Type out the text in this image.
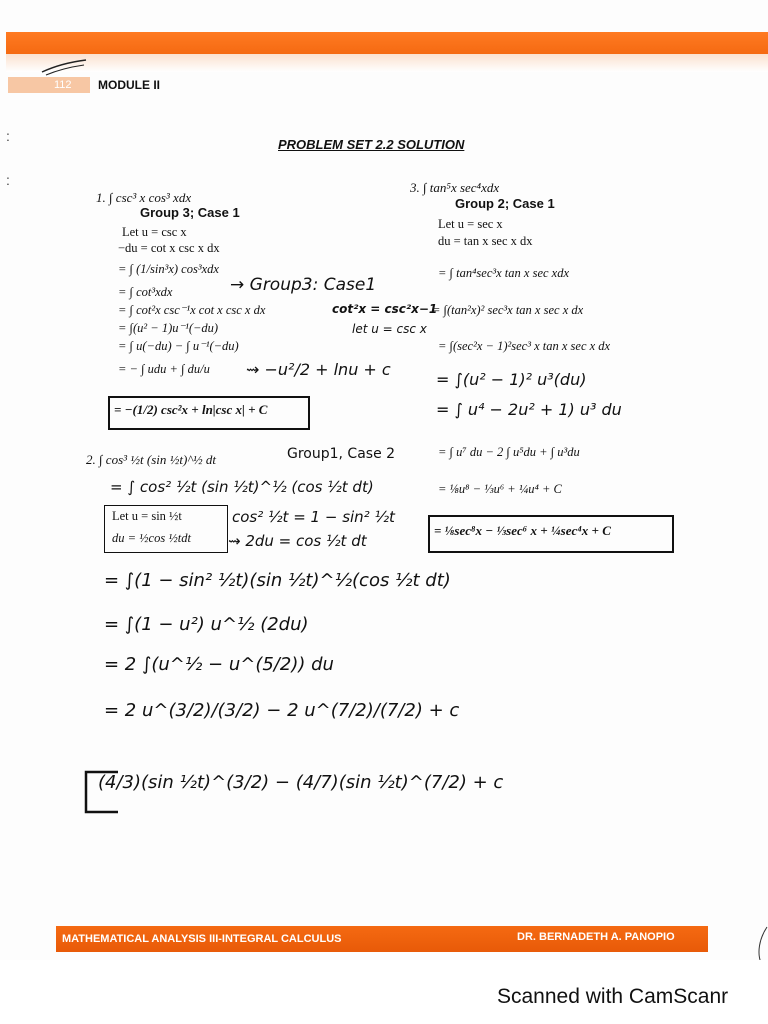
112 MODULE II
:
:
PROBLEM SET 2.2 SOLUTION
1. ∫ csc³ x cos³ xdx
Group 3; Case 1
Let u = csc x
−du = cot x csc x dx
= ∫ (1/sin³x) cos³xdx
= ∫ cot³xdx
= ∫ cot²x csc⁻¹x cot x csc x dx
= ∫(u² − 1)u⁻¹(−du)
= ∫ u(−du) − ∫ u⁻¹(−du)
= − ∫ udu + ∫ du/u
→ Group3: Case1
cot²x = csc²x−1
let u = csc x
⇝ −u²/2 + lnu + c
= −(1/2) csc²x + ln|csc x| + C
2. ∫ cos³ ½t (sin ½t)^½ dt	Group1, Case 2
= ∫ cos² ½t (sin ½t)^½ (cos ½t dt)
Let u = sin ½t
du = ½cos ½tdt
cos² ½t = 1 − sin² ½t
⇝ 2du = cos ½t dt
= ∫(1 − sin² ½t)(sin ½t)^½(cos ½t dt)
= ∫(1 − u²) u^½ (2du)
= 2 ∫(u^½ − u^(5/2)) du
= 2 u^(3/2)/(3/2) − 2 u^(7/2)/(7/2) + c
(4/3)(sin ½t)^(3/2) − (4/7)(sin ½t)^(7/2) + c
3. ∫ tan⁵x sec⁴xdx
Group 2; Case 1
Let u = sec x
du = tan x sec x dx
= ∫ tan⁴sec³x tan x sec xdx
= ∫(tan²x)² sec³x tan x sec x dx
= ∫(sec²x − 1)²sec³ x tan x sec x dx
= ∫(u² − 1)² u³(du)
= ∫ u⁴ − 2u² + 1) u³ du
= ∫ u⁷ du − 2 ∫ u⁵du + ∫ u³du
= ⅛u⁸ − ⅓u⁶ + ¼u⁴ + C
= ⅛sec⁸x − ⅓sec⁶ x + ¼sec⁴x + C
MATHEMATICAL ANALYSIS III-INTEGRAL CALCULUS	DR. BERNADETH A. PANOPIO
Scanned with CamScanr
